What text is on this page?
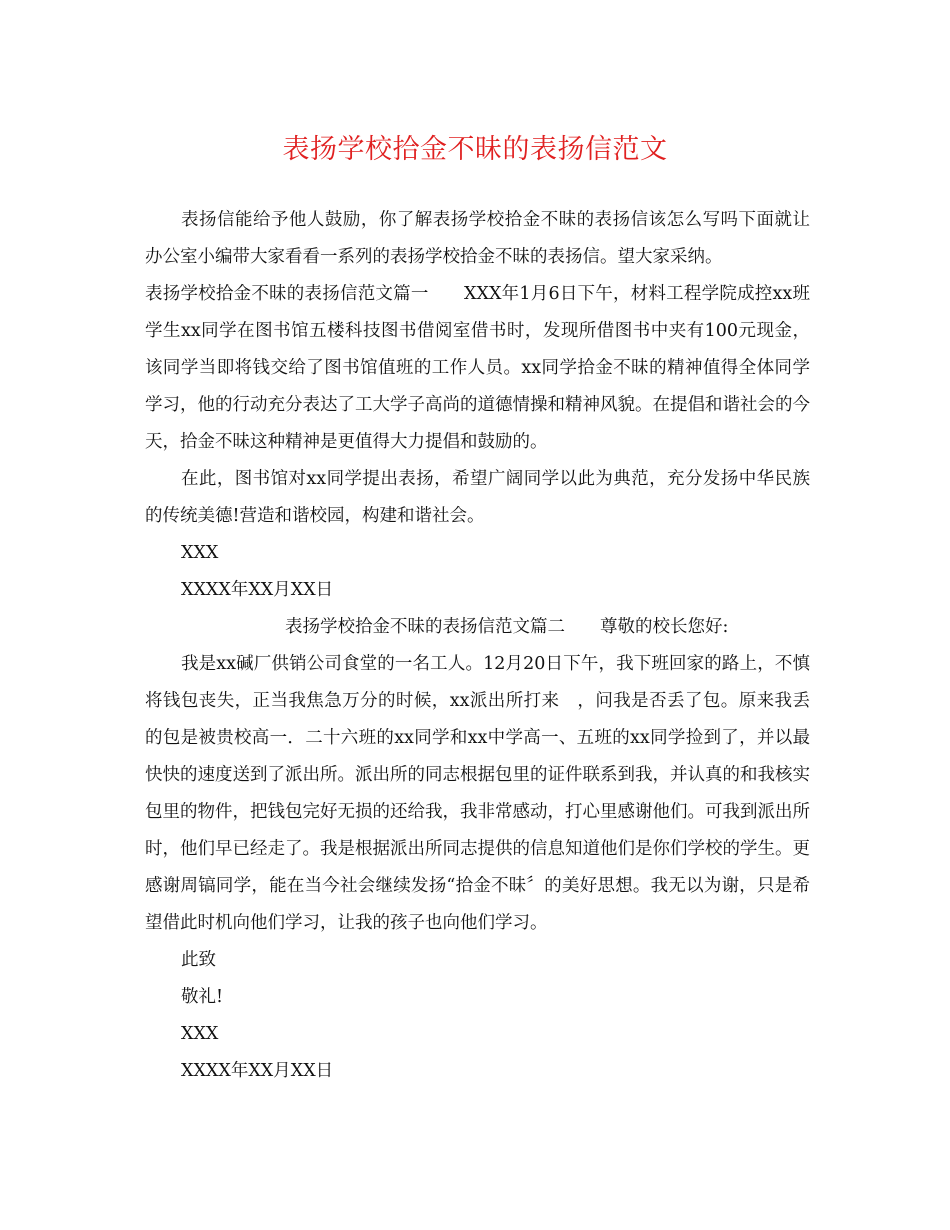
表扬学校拾金不昧的表扬信范文

表扬信能给予他人鼓励，你了解表扬学校拾金不昧的表扬信该怎么写吗下面就让办公室小编带大家看看一系列的表扬学校拾金不昧的表扬信。望大家采纳。

表扬学校拾金不昧的表扬信范文篇一　　XXX年1月6日下午，材料工程学院成控xx班学生xx同学在图书馆五楼科技图书借阅室借书时，发现所借图书中夹有100元现金，该同学当即将钱交给了图书馆值班的工作人员。xx同学拾金不昧的精神值得全体同学学习，他的行动充分表达了工大学子高尚的道德情操和精神风貌。在提倡和谐社会的今天，拾金不昧这种精神是更值得大力提倡和鼓励的。

在此，图书馆对xx同学提出表扬，希望广阔同学以此为典范，充分发扬中华民族的传统美德!营造和谐校园，构建和谐社会。

XXX

XXXX年XX月XX日

表扬学校拾金不昧的表扬信范文篇二　　尊敬的校长您好:

我是xx碱厂供销公司食堂的一名工人。12月20日下午，我下班回家的路上，不慎将钱包丧失，正当我焦急万分的时候，xx派出所打来　，问我是否丢了包。原来我丢的包是被贵校高一．二十六班的xx同学和xx中学高一、五班的xx同学捡到了，并以最快快的速度送到了派出所。派出所的同志根据包里的证件联系到我，并认真的和我核实包里的物件，把钱包完好无损的还给我，我非常感动，打心里感谢他们。可我到派出所时，他们早已经走了。我是根据派出所同志提供的信息知道他们是你们学校的学生。更感谢周镐同学，能在当今社会继续发扬“拾金不昧〞的美好思想。我无以为谢，只是希望借此时机向他们学习，让我的孩子也向他们学习。

此致

敬礼!

XXX

XXXX年XX月XX日
